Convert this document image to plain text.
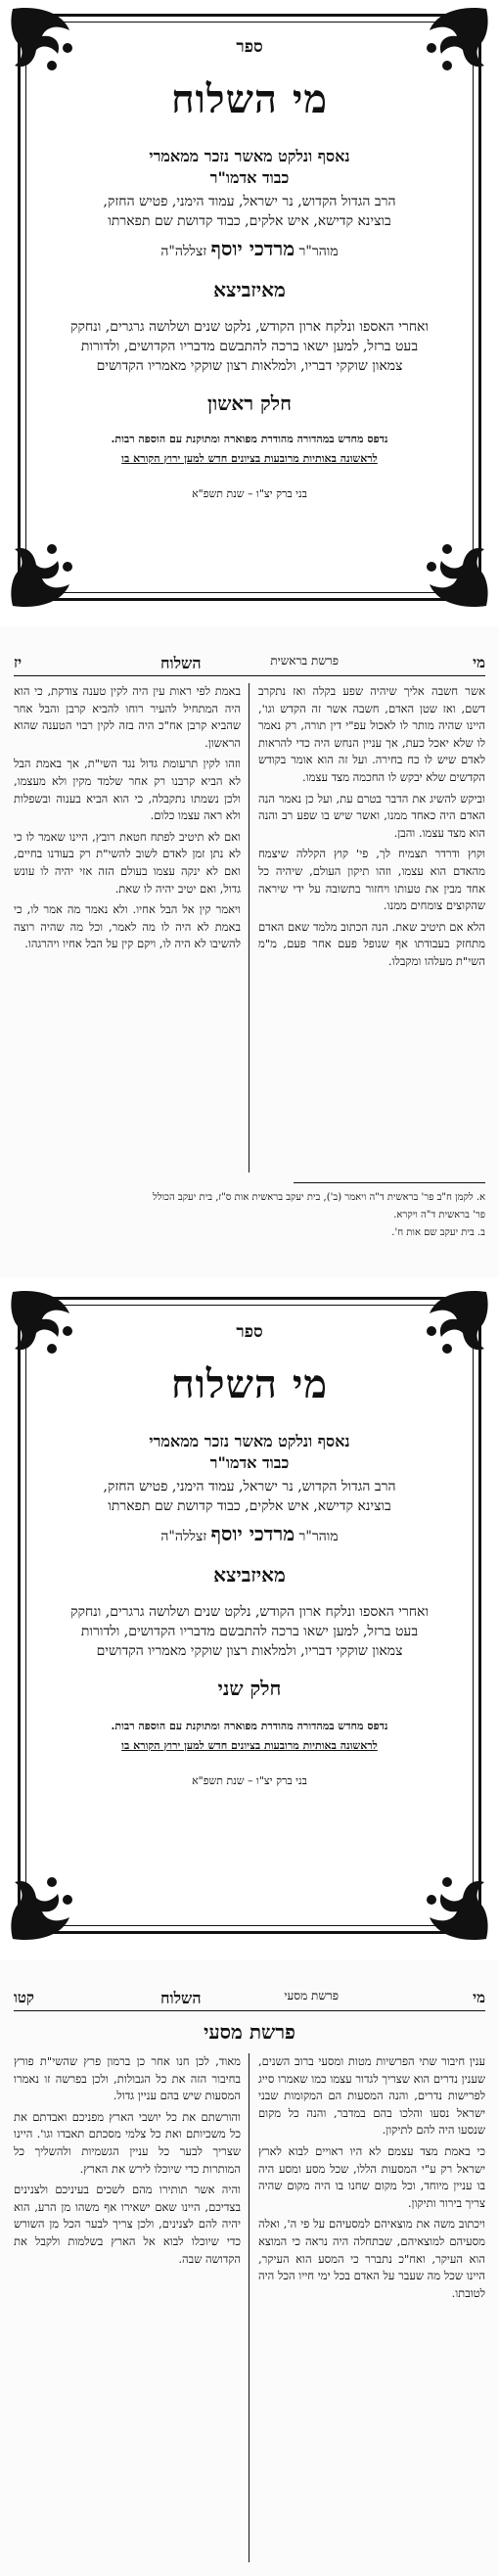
ספר
מי השלוח
נאסף ונלקט מאשר נזכר ממאמרי
כבוד אדמו"ר
הרב הגדול הקדוש, נר ישראל, עמוד הימני, פטיש החזק,
בוצינא קדישא, איש אלקים, כבוד קדושת שם תפארתו
מוהר"ר מרדכי יוסף זצללה"ה
מאיזביצא
ואחרי האספו ונלקח ארון הקודש, נלקט שנים ושלושה גרגרים, ונחקק
בעט ברזל, למען ישאו ברכה להתבשם מדבריו הקדושים, ולדורות
צמאון שוקקי דבריו, ולמלאות רצון שוקקי מאמריו הקדושים
חלק ראשון
נדפס מחדש במהדורה מהודרת מפוארה ומתוקנת עם הוספה רבות.
לראשונה באותיות מרובעות בציונים חדש למען ירוץ הקורא בו
בני ברק יצ"ו – שנת תשפ"א
מי
פרשת בראשית
השלוח
יז

אשר חשבה אליך שיהיה שפע בקלה ואז נתקרב דשם, ואז שטן האדם, חשבה אשר זה הקדש וגו', היינו שהיה מותר לו לאכול עפ"י דין תורה, רק נאמר לו שלא יאכל כעת, אך עניין הנחש היה כדי להראות לאדם שיש לו כח בחירה. ועל זה הוא אומר בקודש הקדשים שלא יבקש לו החכמה מצד עצמו.

וביקש להשיג את הדבר בטרם עת, ועל כן נאמר הנה האדם היה כאחד ממנו, ואשר שיש בו שפע רב והנה הוא מצד עצמו. והבן.

וקוץ ודרדר תצמיח לך, פי' קוץ הקללה שיצמח מהאדם הוא עצמו, וזהו תיקון העולם, שיהיה כל אחד מבין את טעותו ויחזור בתשובה על ידי שיראה שהקוצים צומחים ממנו.

הלא אם תיטיב שאת. הנה הכתוב מלמד שאם האדם מתחזק בעבודתו אף שנופל פעם אחר פעם, מ"מ השי"ת מעלהו ומקבלו.

באמת לפי ראות עין היה לקין טענה צודקת, כי הוא היה המתחיל להעיר רוחו להביא קרבן והבל אחר שהביא קרבן אח"כ היה בזה לקין רבוי הטענה שהוא הראשון.

וזהו לקין תרעומת גדול נגד השי"ת, אך באמת הבל לא הביא קרבנו רק אחר שלמד מקין ולא מעצמו, ולכן נשמתו נתקבלה, כי הוא הביא בענוה ובשפלות ולא ראה עצמו כלום.

ואם לא תיטיב לפתח חטאת רובץ, היינו שאמר לו כי לא נתן זמן לאדם לשוב להשי"ת רק בעודנו בחיים, ואם לא ינקה עצמו בעולם הזה אזי יהיה לו עונש גדול, ואם יטיב יהיה לו שאת.

ויאמר קין אל הבל אחיו. ולא נאמר מה אמר לו, כי באמת לא היה לו מה לאמר, וכל מה שהיה רוצה להשיבו לא היה לו, ויקם קין על הבל אחיו ויהרגהו.

א. לקמן ח"ב פר' בראשית ד"ה ויאמר (ב'), בית יעקב בראשית אות ס"ז, בית יעקב הכולל
פר' בראשית ד"ה ויקרא.
ב. בית יעקב שם אות ח'.
ספר
מי השלוח
נאסף ונלקט מאשר נזכר ממאמרי
כבוד אדמו"ר
הרב הגדול הקדוש, נר ישראל, עמוד הימני, פטיש החזק,
בוצינא קדישא, איש אלקים, כבוד קדושת שם תפארתו
מוהר"ר מרדכי יוסף זצללה"ה
מאיזביצא
ואחרי האספו ונלקח ארון הקודש, נלקט שנים ושלושה גרגרים, ונחקק
בעט ברזל, למען ישאו ברכה להתבשם מדבריו הקדושים, ולדורות
צמאון שוקקי דבריו, ולמלאות רצון שוקקי מאמריו הקדושים
חלק שני
נדפס מחדש במהדורה מהודרת מפוארה ומתוקנת עם הוספה רבות.
לראשונה באותיות מרובעות בציונים חדש למען ירוץ הקורא בו
בני ברק יצ"ו – שנת תשפ"א
מי
פרשת מסעי
השלוח
קטו
פרשת מסעי

ענין חיבור שתי הפרשיות מטות ומסעי ברוב השנים, שענין נדרים הוא שצריך לגדור עצמו כמו שאמרו סייג לפרישות נדרים, והנה המסעות הם המקומות שבני ישראל נסעו והלכו בהם במדבר, והנה כל מקום שנסעו היה להם לתיקון.

כי באמת מצד עצמם לא היו ראויים לבוא לארץ ישראל רק ע"י המסעות הללו, שכל מסע ומסע היה בו עניין מיוחד, וכל מקום שחנו בו היה מקום שהיה צריך בירור ותיקון.

ויכתוב משה את מוצאיהם למסעיהם על פי ה', ואלה מסעיהם למוצאיהם, שבתחלה היה נראה כי המוצא הוא העיקר, ואח"כ נתברר כי המסע הוא העיקר, היינו שכל מה שעבר על האדם בכל ימי חייו הכל היה לטובתו.

מאוד, לכן חנו אחר כן ברמון פרץ שהשי"ת פורץ בחיבור הזה את כל הגבולות, ולכן בפרשה זו נאמרו המסעות שיש בהם עניין גדול.

והורשתם את כל יושבי הארץ מפניכם ואבדתם את כל משכיותם ואת כל צלמי מסכתם תאבדו וגו'. היינו שצריך לבער כל עניין הגשמיות ולהשליך כל המותרות כדי שיוכלו לירש את הארץ.

והיה אשר תותירו מהם לשכים בעיניכם ולצנינים בצדיכם, היינו שאם ישאירו אף משהו מן הרע, הוא יהיה להם לצנינים, ולכן צריך לבער הכל מן השורש כדי שיוכלו לבוא אל הארץ בשלמות ולקבל את הקדושה שבה.
